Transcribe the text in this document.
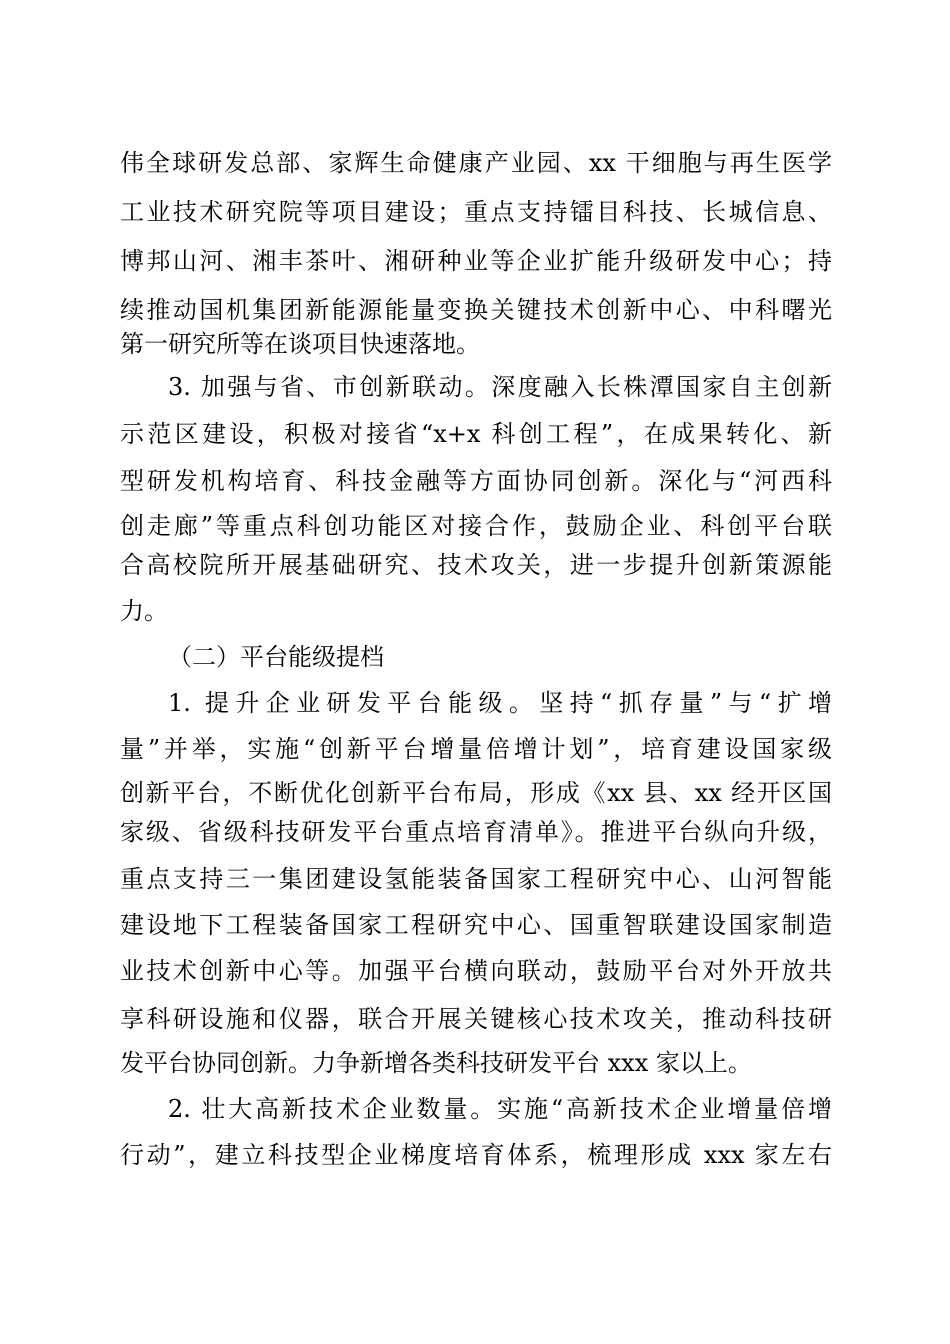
伟全球研发总部、家辉生命健康产业园、xx 干细胞与再生医学
工业技术研究院等项目建设；重点支持镭目科技、长城信息、
博邦山河、湘丰茶叶、湘研种业等企业扩能升级研发中心；持
续推动国机集团新能源能量变换关键技术创新中心、中科曙光
第一研究所等在谈项目快速落地。
3. 加强与省、市创新联动。深度融入长株潭国家自主创新
示范区建设，积极对接省“x+x 科创工程”，在成果转化、新
型研发机构培育、科技金融等方面协同创新。深化与“河西科
创走廊”等重点科创功能区对接合作，鼓励企业、科创平台联
合高校院所开展基础研究、技术攻关，进一步提升创新策源能
力。
（二）平台能级提档
1. 提升企业研发平台能级。坚持“抓存量”与“扩增
量”并举，实施“创新平台增量倍增计划”，培育建设国家级
创新平台，不断优化创新平台布局，形成《xx 县、xx 经开区国
家级、省级科技研发平台重点培育清单》。推进平台纵向升级，
重点支持三一集团建设氢能装备国家工程研究中心、山河智能
建设地下工程装备国家工程研究中心、国重智联建设国家制造
业技术创新中心等。加强平台横向联动，鼓励平台对外开放共
享科研设施和仪器，联合开展关键核心技术攻关，推动科技研
发平台协同创新。力争新增各类科技研发平台 xxx 家以上。
2. 壮大高新技术企业数量。实施“高新技术企业增量倍增
行动”，建立科技型企业梯度培育体系，梳理形成 xxx 家左右
